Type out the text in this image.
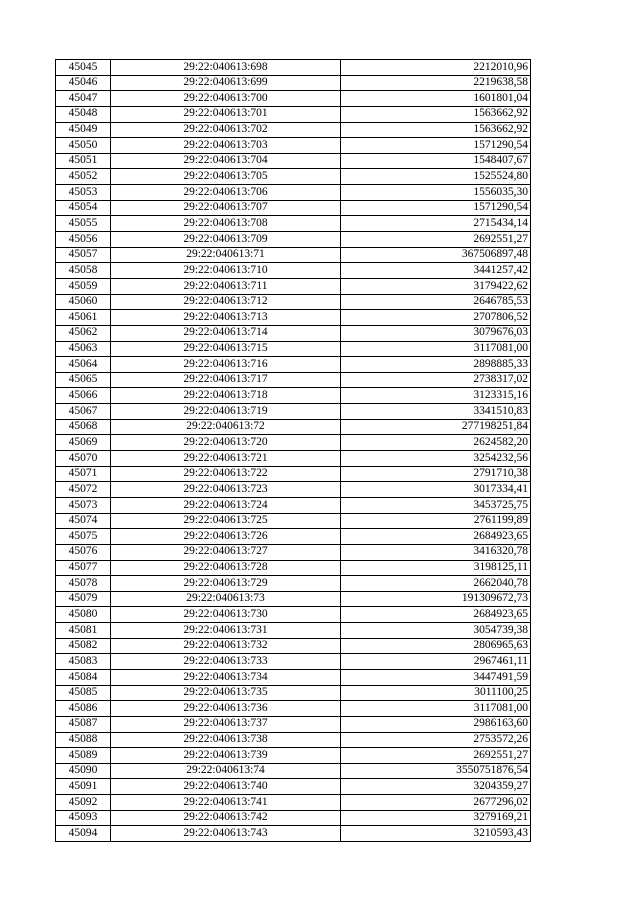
45045	29:22:040613:698	2212010,96
45046	29:22:040613:699	2219638,58
45047	29:22:040613:700	1601801,04
45048	29:22:040613:701	1563662,92
45049	29:22:040613:702	1563662,92
45050	29:22:040613:703	1571290,54
45051	29:22:040613:704	1548407,67
45052	29:22:040613:705	1525524,80
45053	29:22:040613:706	1556035,30
45054	29:22:040613:707	1571290,54
45055	29:22:040613:708	2715434,14
45056	29:22:040613:709	2692551,27
45057	29:22:040613:71	367506897,48
45058	29:22:040613:710	3441257,42
45059	29:22:040613:711	3179422,62
45060	29:22:040613:712	2646785,53
45061	29:22:040613:713	2707806,52
45062	29:22:040613:714	3079676,03
45063	29:22:040613:715	3117081,00
45064	29:22:040613:716	2898885,33
45065	29:22:040613:717	2738317,02
45066	29:22:040613:718	3123315,16
45067	29:22:040613:719	3341510,83
45068	29:22:040613:72	277198251,84
45069	29:22:040613:720	2624582,20
45070	29:22:040613:721	3254232,56
45071	29:22:040613:722	2791710,38
45072	29:22:040613:723	3017334,41
45073	29:22:040613:724	3453725,75
45074	29:22:040613:725	2761199,89
45075	29:22:040613:726	2684923,65
45076	29:22:040613:727	3416320,78
45077	29:22:040613:728	3198125,11
45078	29:22:040613:729	2662040,78
45079	29:22:040613:73	191309672,73
45080	29:22:040613:730	2684923,65
45081	29:22:040613:731	3054739,38
45082	29:22:040613:732	2806965,63
45083	29:22:040613:733	2967461,11
45084	29:22:040613:734	3447491,59
45085	29:22:040613:735	3011100,25
45086	29:22:040613:736	3117081,00
45087	29:22:040613:737	2986163,60
45088	29:22:040613:738	2753572,26
45089	29:22:040613:739	2692551,27
45090	29:22:040613:74	3550751876,54
45091	29:22:040613:740	3204359,27
45092	29:22:040613:741	2677296,02
45093	29:22:040613:742	3279169,21
45094	29:22:040613:743	3210593,43
